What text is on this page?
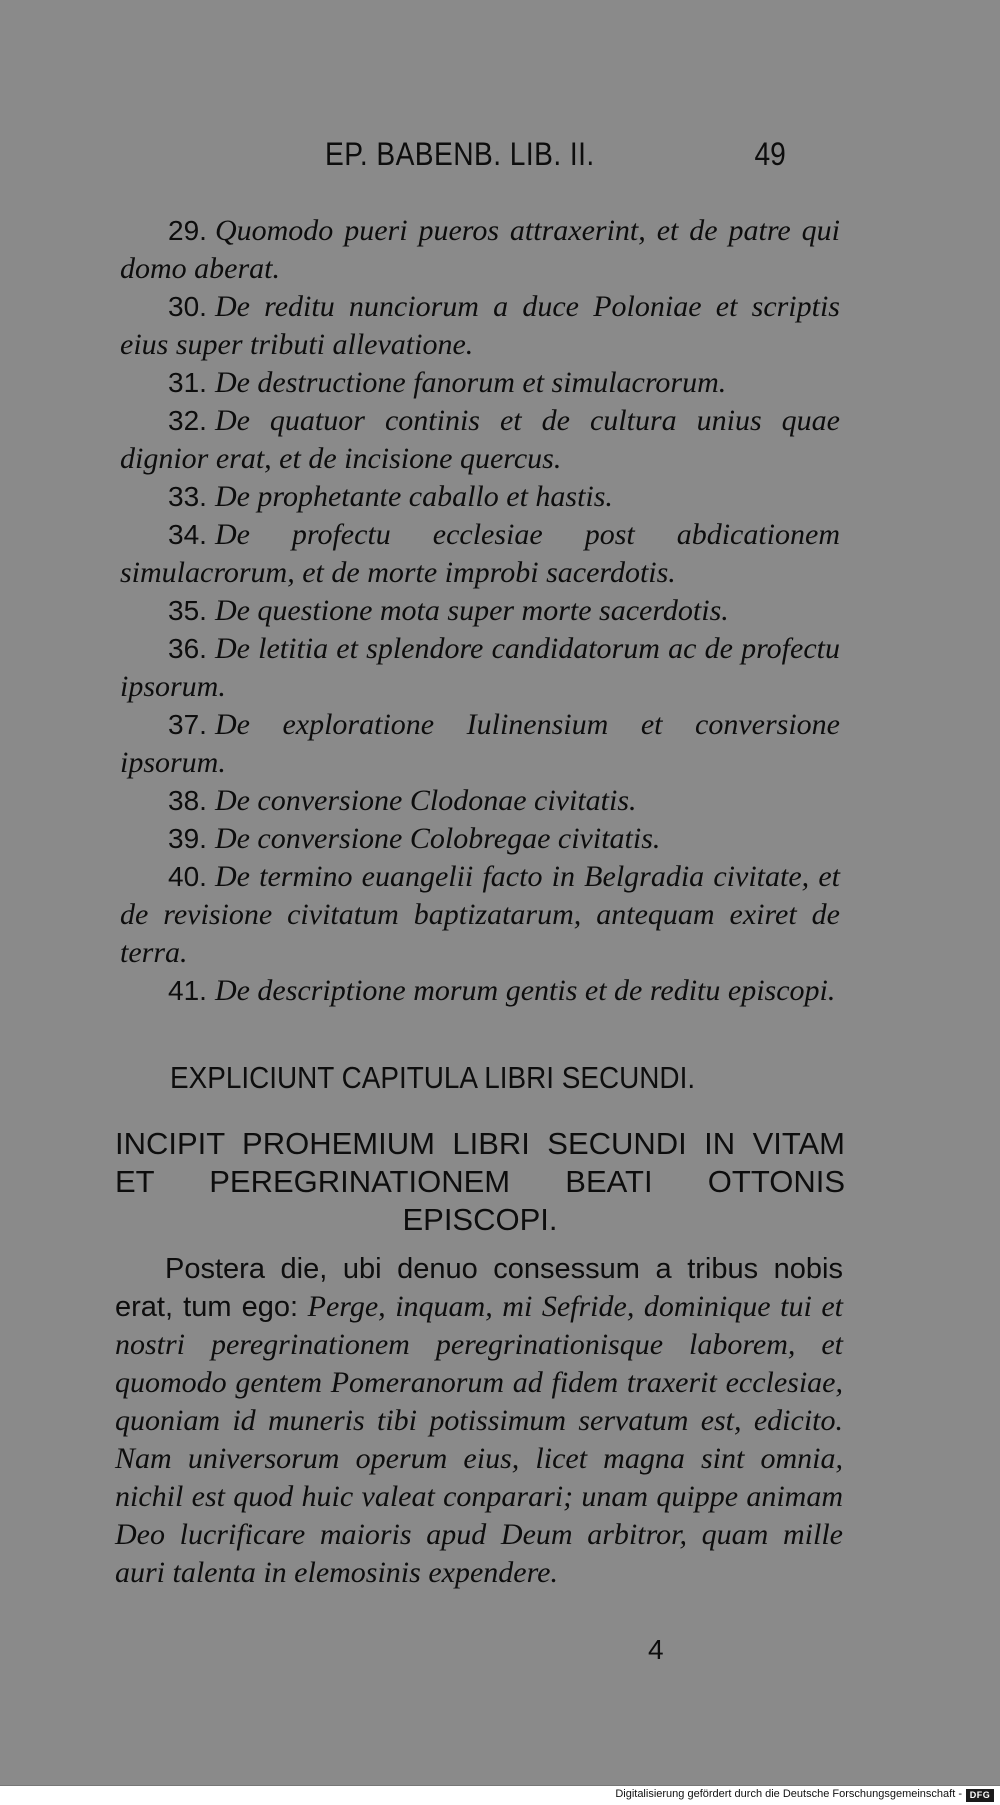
EP. BABENB. LIB. II.	49

29. Quomodo pueri pueros attraxerint, et de patre qui domo aberat.

30. De reditu nunciorum a duce Poloniae et scriptis eius super tributi allevatione.

31. De destructione fanorum et simulacrorum.

32. De quatuor continis et de cultura unius quae dignior erat, et de incisione quercus.

33. De prophetante caballo et hastis.

34. De profectu ecclesiae post abdicationem simulacrorum, et de morte improbi sacerdotis.

35. De questione mota super morte sacerdotis.

36. De letitia et splendore candidatorum ac de profectu ipsorum.

37. De exploratione Iulinensium et conversione ipsorum.

38. De conversione Clodonae civitatis.

39. De conversione Colobregae civitatis.

40. De termino euangelii facto in Belgradia civitate, et de revisione civitatum baptizatarum, antequam exiret de terra.

41. De descriptione morum gentis et de reditu episcopi.

EXPLICIUNT CAPITULA LIBRI SECUNDI.

INCIPIT PROHEMIUM LIBRI SECUNDI IN VITAM ET PEREGRINATIONEM BEATI OTTONIS EPISCOPI.

Postera die, ubi denuo consessum a tribus nobis erat, tum ego: Perge, inquam, mi Sefride, dominique tui et nostri peregrinationem peregrinationisque laborem, et quomodo gentem Pomeranorum ad fidem traxerit ecclesiae, quoniam id muneris tibi potissimum servatum est, edicito. Nam universorum operum eius, licet magna sint omnia, nichil est quod huic valeat conparari; unam quippe animam Deo lucrificare maioris apud Deum arbitror, quam mille auri talenta in elemosinis expendere.

4
Digitalisierung gefördert durch die Deutsche Forschungsgemeinschaft - DFG
